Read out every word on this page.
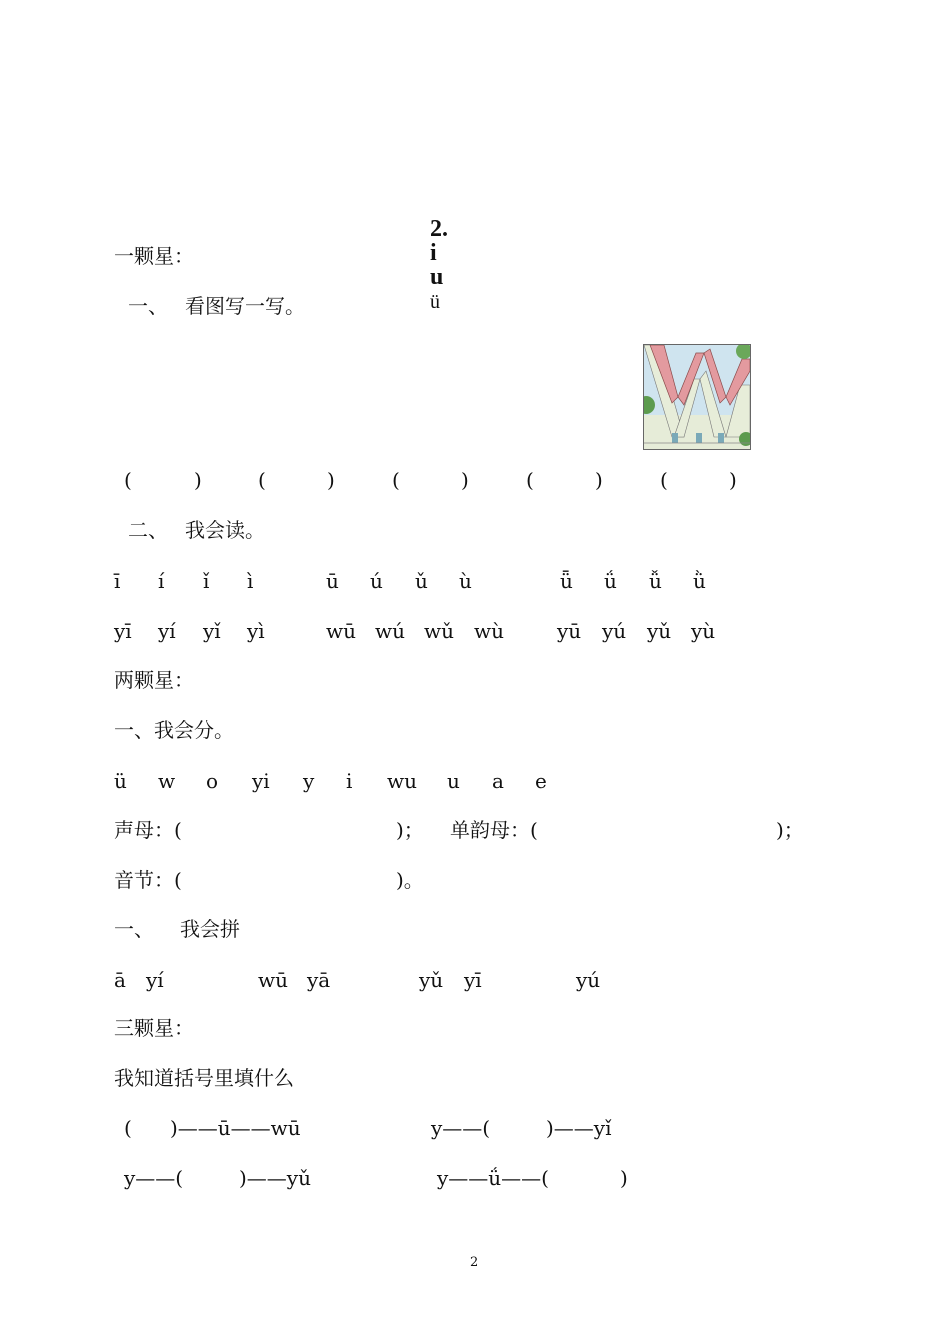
2.
i
u
ü

一颗星：
一、 看图写一写。
(	)	(	)	(	)	(	)	(	)
二、 我会读。
ī í ǐ ì	ū ú ǔ ù	ǖ ǘ ǚ ǜ
yī yí yǐ yì	wū wú wǔ wù	yū yú yǔ yù
两颗星：
一、我会分。
ü w o yi y i wu u a e
声母：(	)； 单韵母：(	)；
音节：(	)。
一、 我会拼
ā yí	wū yā	yǔ yī	yú
三颗星：
我知道括号里填什么
( )——ū——wū	y——(	)——yǐ
y——(	)——yǔ	y——ǘ——(	)
2
